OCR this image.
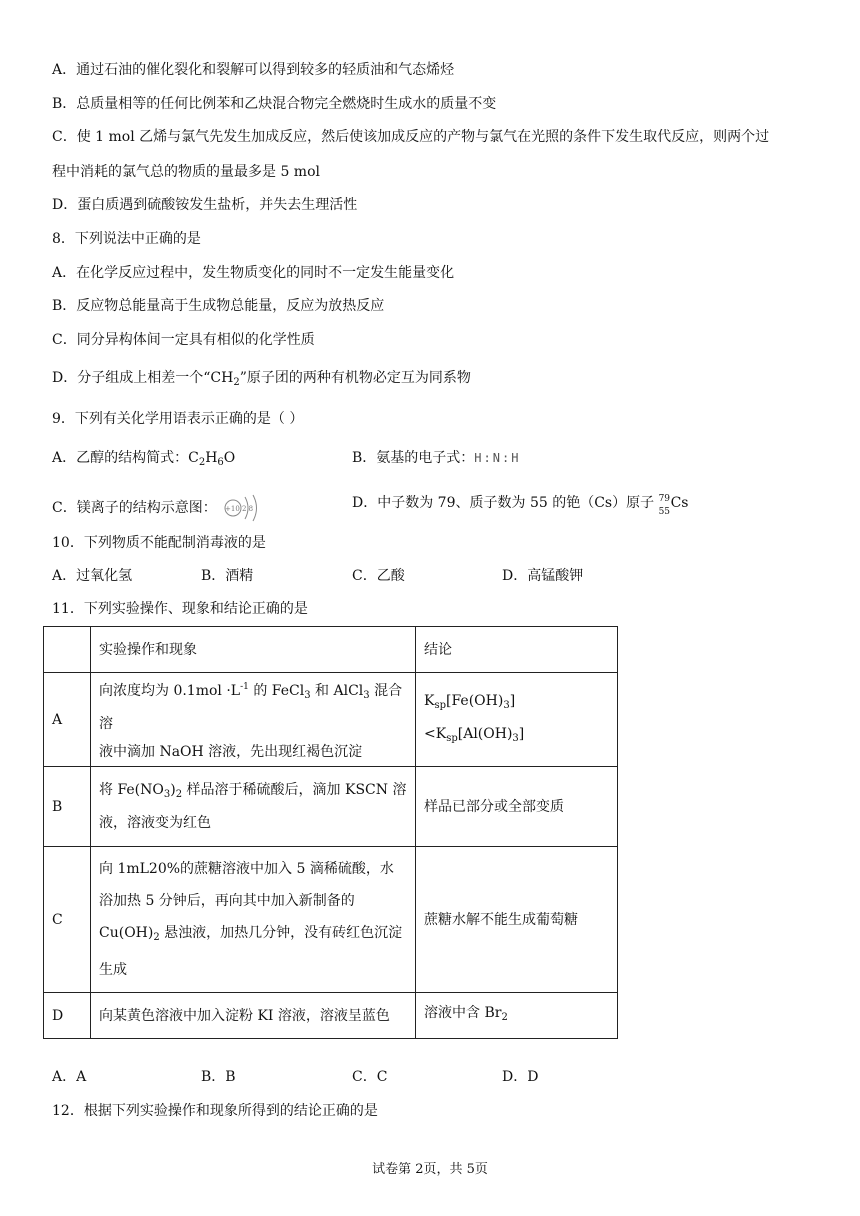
A．通过石油的催化裂化和裂解可以得到较多的轻质油和气态烯烃
B．总质量相等的任何比例苯和乙炔混合物完全燃烧时生成水的质量不变
C．使 1 mol 乙烯与氯气先发生加成反应，然后使该加成反应的产物与氯气在光照的条件下发生取代反应，则两个过
程中消耗的氯气总的物质的量最多是 5 mol
D．蛋白质遇到硫酸铵发生盐析，并失去生理活性
8．下列说法中正确的是
A．在化学反应过程中，发生物质变化的同时不一定发生能量变化
B．反应物总能量高于生成物总能量，反应为放热反应
C．同分异构体间一定具有相似的化学性质
D．分子组成上相差一个“$CH_2$”原子团的两种有机物必定互为同系物
9．下列有关化学用语表示正确的是（ ）
A．乙醇的结构简式：$C_2H_6O$	B．氨基的电子式：H:N:H
C．镁离子的结构示意图： +10 2 8	D．中子数为 79、质子数为 55 的铯（Cs）原子 79
55
Cs
10．下列物质不能配制消毒液的是
A．过氧化氢	B．酒精	C．乙酸	D．高锰酸钾
11．下列实验操作、现象和结论正确的是
	实验操作和现象	结论
A	向浓度均为 $0.1mol \cdot L^{-1}$ 的 FeCl$_3$ 和 AlCl$_3$ 混合溶
液中滴加 NaOH 溶液，先出现红褐色沉淀	$K_{sp}[Fe(OH)_3]<K_{sp}[Al(OH)_3]$
B	将 $Fe(NO_3)_2$ 样品溶于稀硫酸后，滴加 KSCN 溶
液，溶液变为红色	样品已部分或全部变质
C	向 1mL20%的蔗糖溶液中加入 5 滴稀硫酸，水
浴加热 5 分钟后，再向其中加入新制备的
$Cu(OH)_2$ 悬浊液，加热几分钟，没有砖红色沉淀
生成	蔗糖水解不能生成葡萄糖
D	向某黄色溶液中加入淀粉 KI 溶液，溶液呈蓝色	溶液中含 $Br_2$
A．A	B．B	C．C	D．D
12．根据下列实验操作和现象所得到的结论正确的是
试卷第 2页，共 5页
